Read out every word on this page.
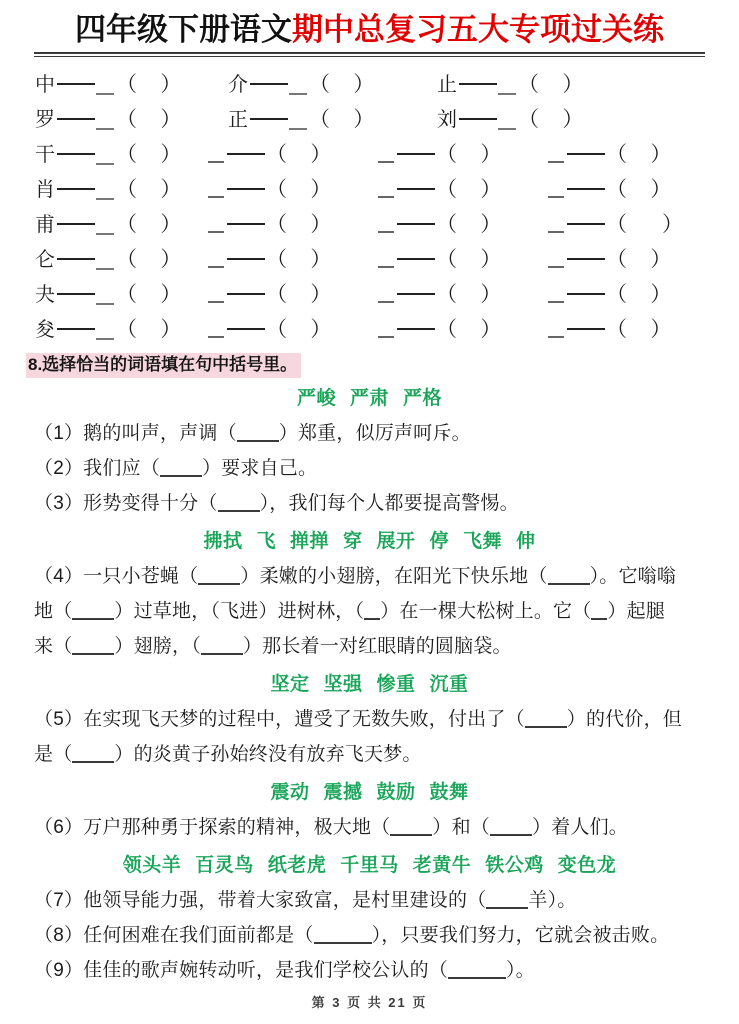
四年级下册语文期中总复习五大专项过关练
中	（    ） 介	（    ）	止	（    ）
罗	（    ） 正	（    ）	刘	（    ）
干	（    ）	（    ）	（    ）	（    ）
肖	（    ）	（    ）	（    ）	（    ）
甫	（    ）	（    ）	（    ）	（      ）
仑	（    ）	（    ）	（    ）	（    ）
夬	（    ）	（    ）	（    ）	（    ）
夋	（    ）	（    ）	（    ）	（    ）
8.选择恰当的词语填在句中括号里。
严峻 严肃 严格
（1）鹅的叫声，声调（ ）郑重，似厉声呵斥。
（2）我们应（ ）要求自己。
（3）形势变得十分（ ），我们每个人都要提高警惕。
拂拭 飞 掸掸 穿 展开 停 飞舞 伸
（4）一只小苍蝇（ ）柔嫩的小翅膀，在阳光下快乐地（ ）。它嗡嗡
地（ ）过草地，（飞进）进树林，（ ）在一棵大松树上。它（ ）起腿
来（ ）翅膀，（ ）那长着一对红眼睛的圆脑袋。
坚定 坚强 惨重 沉重
（5）在实现飞天梦的过程中，遭受了无数失败，付出了（ ）的代价，但
是（ ）的炎黄子孙始终没有放弃飞天梦。
震动 震撼 鼓励 鼓舞
（6）万户那种勇于探索的精神，极大地（ ）和（ ）着人们。
领头羊 百灵鸟 纸老虎 千里马 老黄牛 铁公鸡 变色龙
（7）他领导能力强，带着大家致富，是村里建设的（ 羊）。
（8）任何困难在我们面前都是（	），只要我们努力，它就会被击败。
（9）佳佳的歌声婉转动听，是我们学校公认的（	）。
第 3 页 共 21 页
